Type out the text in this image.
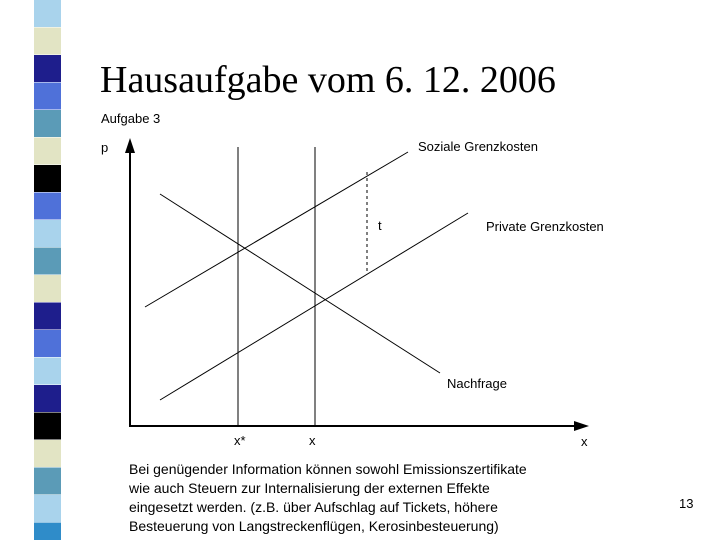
Hausaufgabe vom 6. 12. 2006
Aufgabe 3
p	Soziale Grenzkosten
t	Private Grenzkosten
Nachfrage
x*	x	x
Bei genügender Information können sowohl Emissionszertifikate
wie auch Steuern zur Internalisierung der externen Effekte
eingesetzt werden. (z.B. über Aufschlag auf Tickets, höhere
Besteuerung von Langstreckenflügen, Kerosinbesteuerung)
13
